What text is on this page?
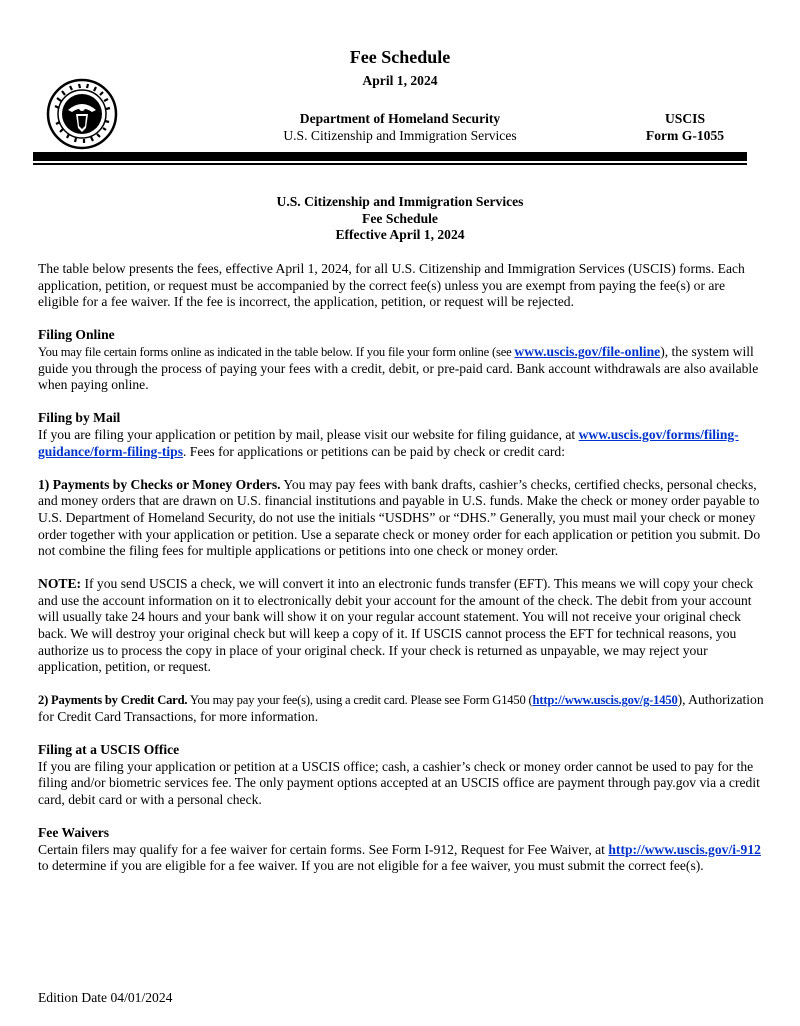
Fee Schedule
April 1, 2024
Department of Homeland Security
U.S. Citizenship and Immigration Services
USCIS
Form G-1055
U.S. Citizenship and Immigration Services
Fee Schedule
Effective April 1, 2024

The table below presents the fees, effective April 1, 2024, for all U.S. Citizenship and Immigration Services (USCIS) forms. Each application, petition, or request must be accompanied by the correct fee(s) unless you are exempt from paying the fee(s) or are eligible for a fee waiver. If the fee is incorrect, the application, petition, or request will be rejected.

Filing Online
You may file certain forms online as indicated in the table below. If you file your form online (see www.uscis.gov/file-online), the system will guide you through the process of paying your fees with a credit, debit, or pre-paid card. Bank account withdrawals are also available when paying online.

Filing by Mail
If you are filing your application or petition by mail, please visit our website for filing guidance, at www.uscis.gov/forms/filing-guidance/form-filing-tips. Fees for applications or petitions can be paid by check or credit card:

1) Payments by Checks or Money Orders. You may pay fees with bank drafts, cashier’s checks, certified checks, personal checks, and money orders that are drawn on U.S. financial institutions and payable in U.S. funds. Make the check or money order payable to U.S. Department of Homeland Security, do not use the initials “USDHS” or “DHS.” Generally, you must mail your check or money order together with your application or petition. Use a separate check or money order for each application or petition you submit. Do not combine the filing fees for multiple applications or petitions into one check or money order.

NOTE: If you send USCIS a check, we will convert it into an electronic funds transfer (EFT). This means we will copy your check and use the account information on it to electronically debit your account for the amount of the check. The debit from your account will usually take 24 hours and your bank will show it on your regular account statement. You will not receive your original check back. We will destroy your original check but will keep a copy of it. If USCIS cannot process the EFT for technical reasons, you authorize us to process the copy in place of your original check. If your check is returned as unpayable, we may reject your application, petition, or request.

2) Payments by Credit Card. You may pay your fee(s), using a credit card. Please see Form G1450 (http://www.uscis.gov/g-1450), Authorization for Credit Card Transactions, for more information.

Filing at a USCIS Office
If you are filing your application or petition at a USCIS office; cash, a cashier’s check or money order cannot be used to pay for the filing and/or biometric services fee. The only payment options accepted at an USCIS office are payment through pay.gov via a credit card, debit card or with a personal check.

Fee Waivers
Certain filers may qualify for a fee waiver for certain forms. See Form I-912, Request for Fee Waiver, at http://www.uscis.gov/i-912 to determine if you are eligible for a fee waiver. If you are not eligible for a fee waiver, you must submit the correct fee(s).

Edition Date 04/01/2024
